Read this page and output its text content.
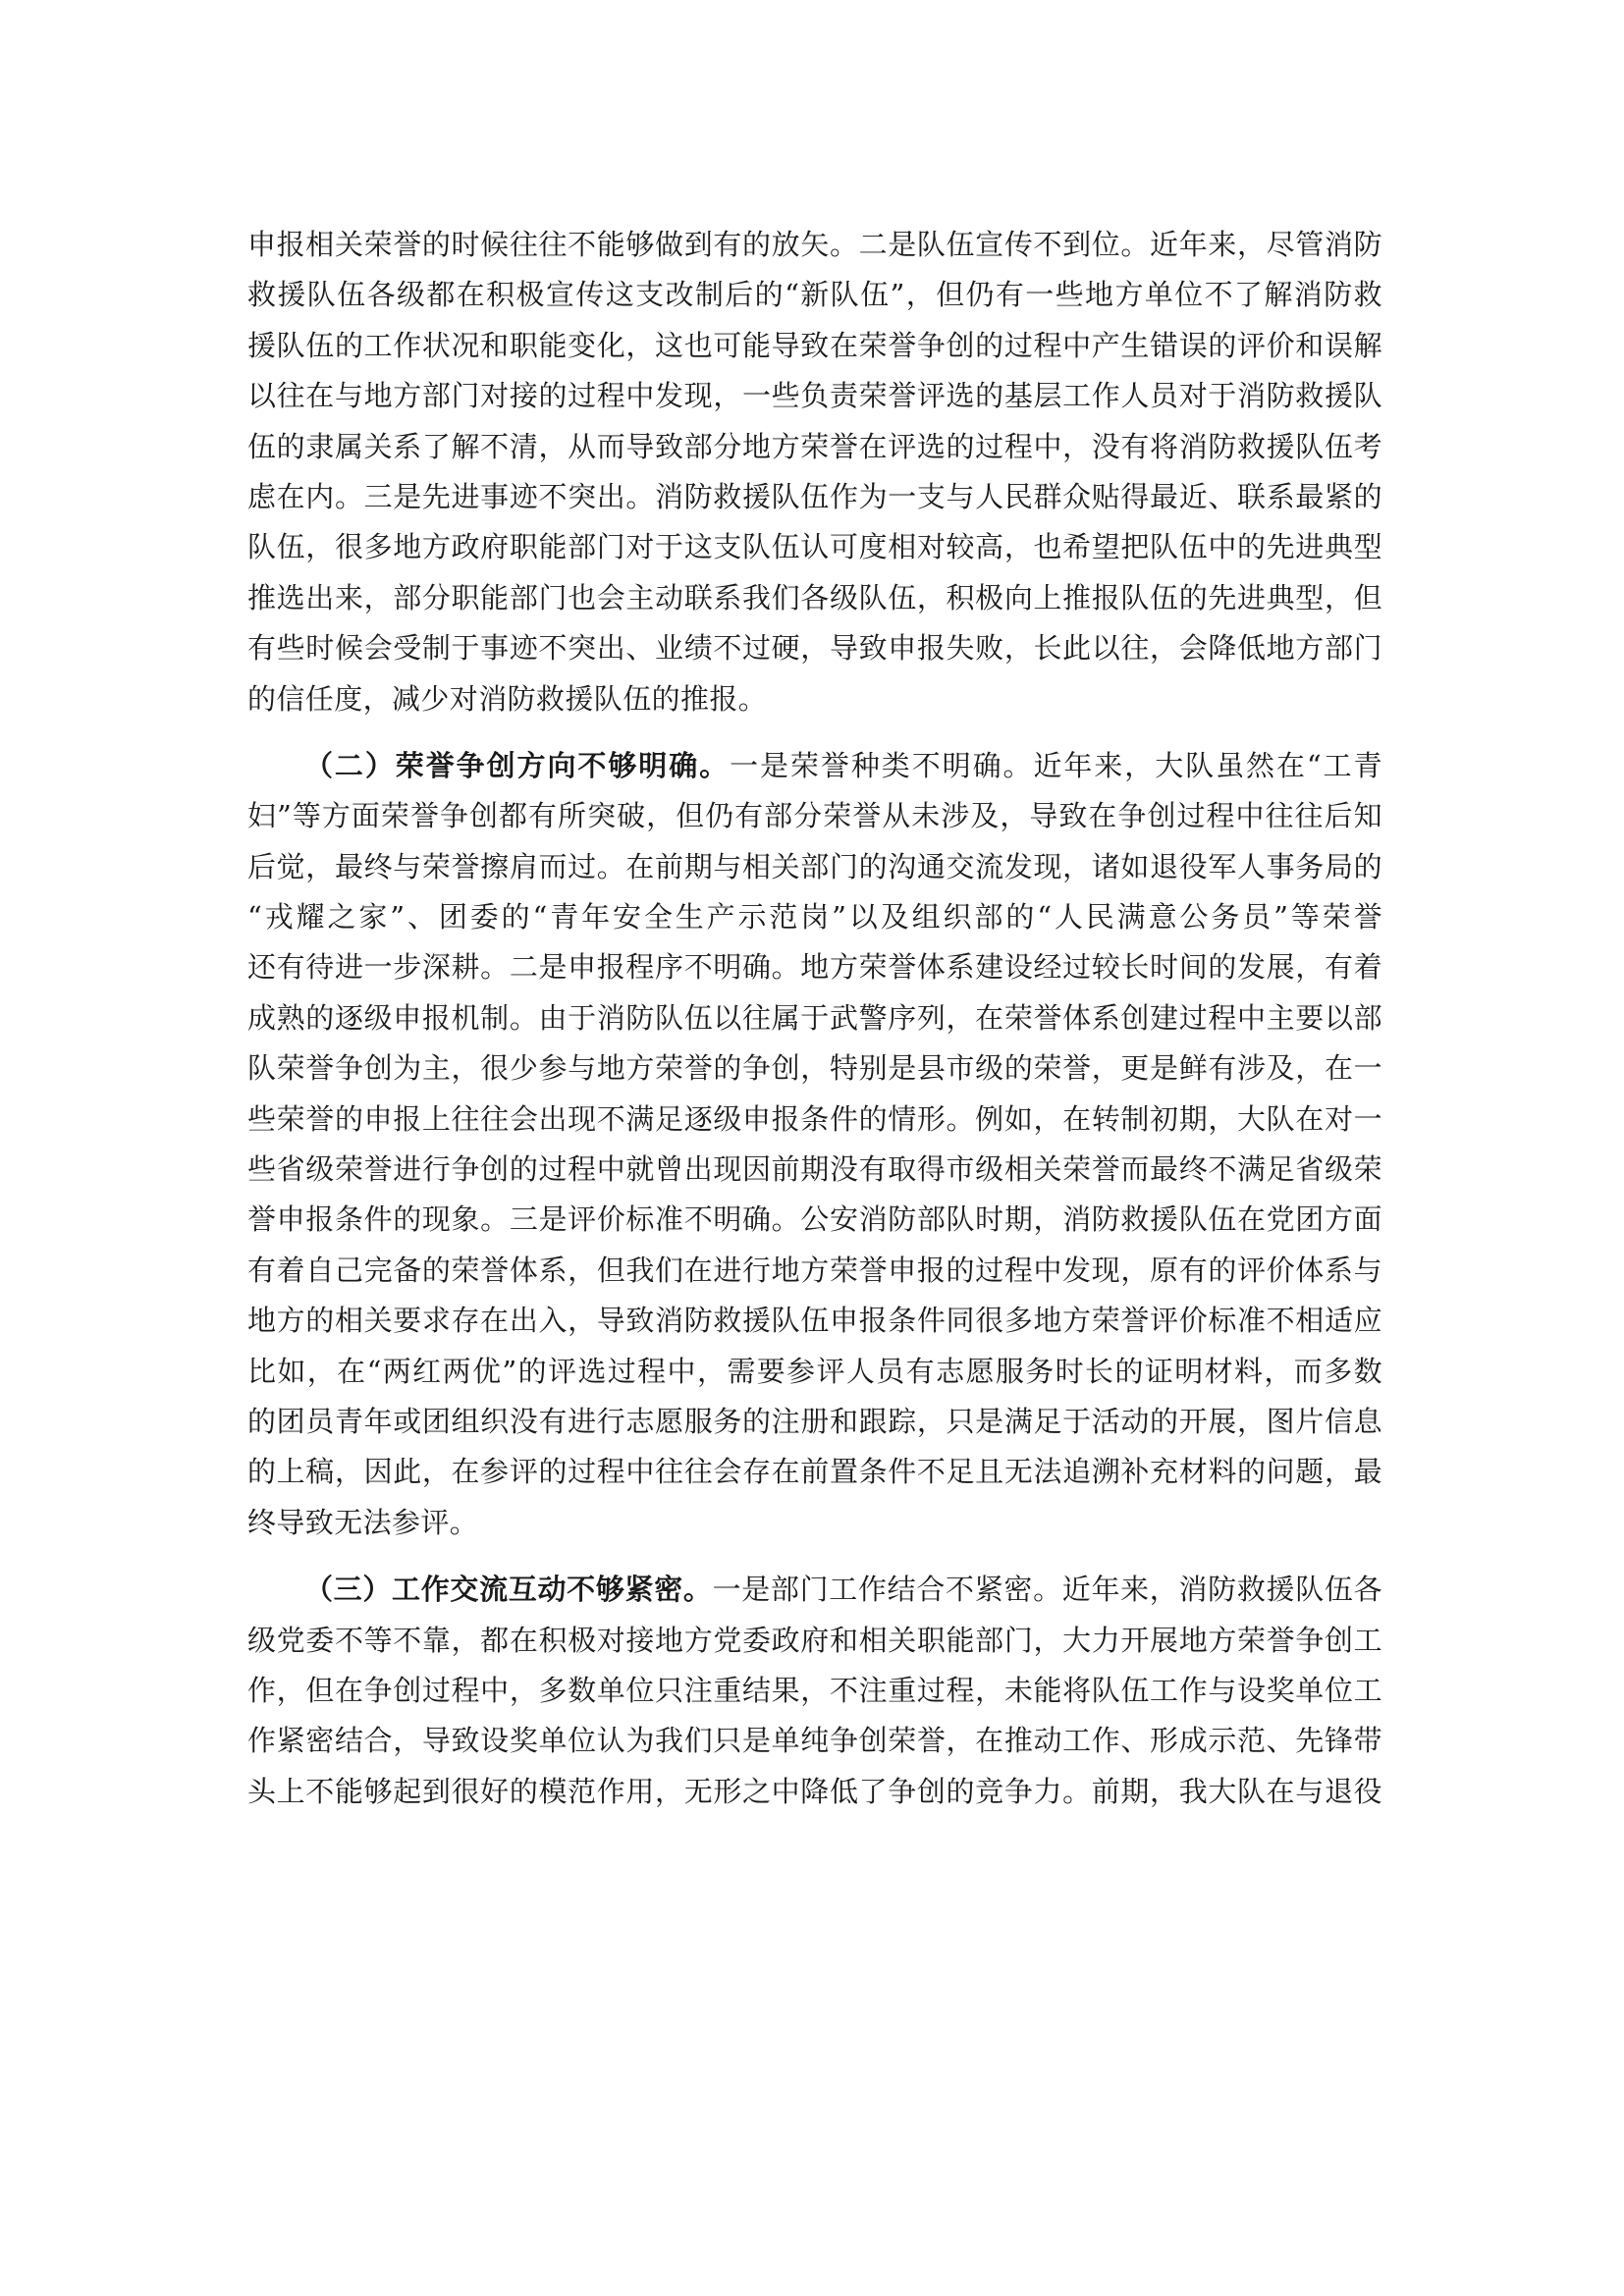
申报相关荣誉的时候往往不能够做到有的放矢。二是队伍宣传不到位。近年来，尽管消防
救援队伍各级都在积极宣传这支改制后的“新队伍”，但仍有一些地方单位不了解消防救
援队伍的工作状况和职能变化，这也可能导致在荣誉争创的过程中产生错误的评价和误解
以往在与地方部门对接的过程中发现，一些负责荣誉评选的基层工作人员对于消防救援队
伍的隶属关系了解不清，从而导致部分地方荣誉在评选的过程中，没有将消防救援队伍考
虑在内。三是先进事迹不突出。消防救援队伍作为一支与人民群众贴得最近、联系最紧的
队伍，很多地方政府职能部门对于这支队伍认可度相对较高，也希望把队伍中的先进典型
推选出来，部分职能部门也会主动联系我们各级队伍，积极向上推报队伍的先进典型，但
有些时候会受制于事迹不突出、业绩不过硬，导致申报失败，长此以往，会降低地方部门
的信任度，减少对消防救援队伍的推报。
（二）荣誉争创方向不够明确。一是荣誉种类不明确。近年来，大队虽然在“工青
妇”等方面荣誉争创都有所突破，但仍有部分荣誉从未涉及，导致在争创过程中往往后知
后觉，最终与荣誉擦肩而过。在前期与相关部门的沟通交流发现，诸如退役军人事务局的
“戎耀之家”、团委的“青年安全生产示范岗”以及组织部的“人民满意公务员”等荣誉
还有待进一步深耕。二是申报程序不明确。地方荣誉体系建设经过较长时间的发展，有着
成熟的逐级申报机制。由于消防队伍以往属于武警序列，在荣誉体系创建过程中主要以部
队荣誉争创为主，很少参与地方荣誉的争创，特别是县市级的荣誉，更是鲜有涉及，在一
些荣誉的申报上往往会出现不满足逐级申报条件的情形。例如，在转制初期，大队在对一
些省级荣誉进行争创的过程中就曾出现因前期没有取得市级相关荣誉而最终不满足省级荣
誉申报条件的现象。三是评价标准不明确。公安消防部队时期，消防救援队伍在党团方面
有着自己完备的荣誉体系，但我们在进行地方荣誉申报的过程中发现，原有的评价体系与
地方的相关要求存在出入，导致消防救援队伍申报条件同很多地方荣誉评价标准不相适应
比如，在“两红两优”的评选过程中，需要参评人员有志愿服务时长的证明材料，而多数
的团员青年或团组织没有进行志愿服务的注册和跟踪，只是满足于活动的开展，图片信息
的上稿，因此，在参评的过程中往往会存在前置条件不足且无法追溯补充材料的问题，最
终导致无法参评。
（三）工作交流互动不够紧密。一是部门工作结合不紧密。近年来，消防救援队伍各
级党委不等不靠，都在积极对接地方党委政府和相关职能部门，大力开展地方荣誉争创工
作，但在争创过程中，多数单位只注重结果，不注重过程，未能将队伍工作与设奖单位工
作紧密结合，导致设奖单位认为我们只是单纯争创荣誉，在推动工作、形成示范、先锋带
头上不能够起到很好的模范作用，无形之中降低了争创的竞争力。前期，我大队在与退役
